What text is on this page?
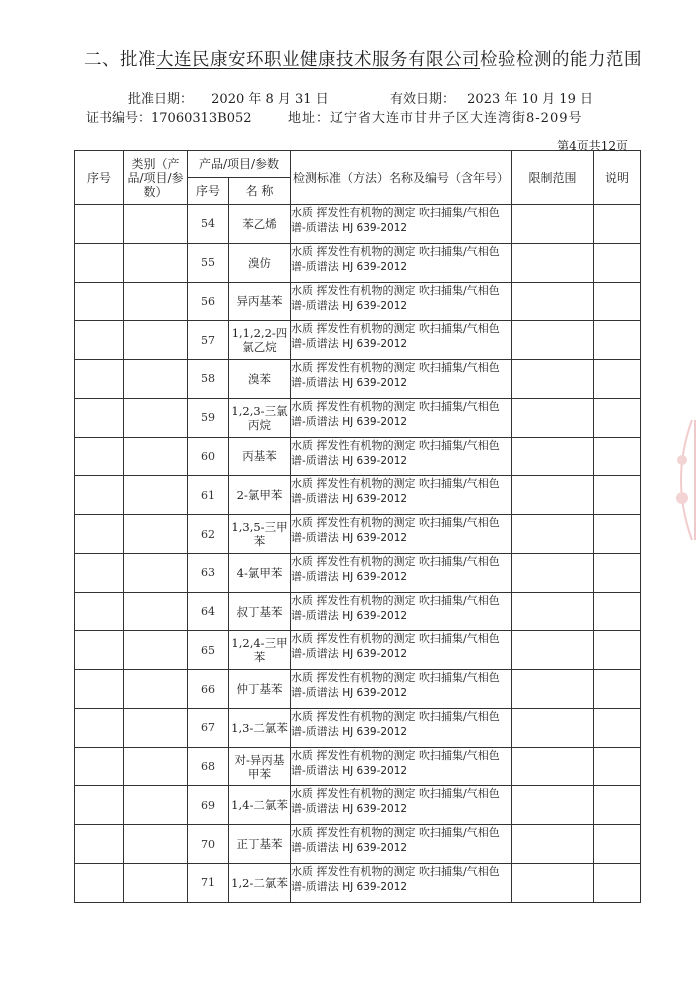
二、批准大连民康安环职业健康技术服务有限公司检验检测的能力范围
批准日期： 2020 年 8 月 31 日	有效日期： 2023 年 10 月 19 日
证书编号：17060313B052	地址：辽宁省大连市甘井子区大连湾街8-209号
第4页共12页
序号	类别（产品/项目/参数）	产品/项目/参数		检测标准（方法）名称及编号（含年号）	限制范围	说明
		序号	名 称			
		54	苯乙烯	水质 挥发性有机物的测定 吹扫捕集/气相色谱-质谱法 HJ 639-2012		
		55	溴仿	水质 挥发性有机物的测定 吹扫捕集/气相色谱-质谱法 HJ 639-2012		
		56	异丙基苯	水质 挥发性有机物的测定 吹扫捕集/气相色谱-质谱法 HJ 639-2012		
		57	1,1,2,2-四氯乙烷	水质 挥发性有机物的测定 吹扫捕集/气相色谱-质谱法 HJ 639-2012		
		58	溴苯	水质 挥发性有机物的测定 吹扫捕集/气相色谱-质谱法 HJ 639-2012		
		59	1,2,3-三氯丙烷	水质 挥发性有机物的测定 吹扫捕集/气相色谱-质谱法 HJ 639-2012		
		60	丙基苯	水质 挥发性有机物的测定 吹扫捕集/气相色谱-质谱法 HJ 639-2012		
		61	2-氯甲苯	水质 挥发性有机物的测定 吹扫捕集/气相色谱-质谱法 HJ 639-2012		
		62	1,3,5-三甲苯	水质 挥发性有机物的测定 吹扫捕集/气相色谱-质谱法 HJ 639-2012		
		63	4-氯甲苯	水质 挥发性有机物的测定 吹扫捕集/气相色谱-质谱法 HJ 639-2012		
		64	叔丁基苯	水质 挥发性有机物的测定 吹扫捕集/气相色谱-质谱法 HJ 639-2012		
		65	1,2,4-三甲苯	水质 挥发性有机物的测定 吹扫捕集/气相色谱-质谱法 HJ 639-2012		
		66	仲丁基苯	水质 挥发性有机物的测定 吹扫捕集/气相色谱-质谱法 HJ 639-2012		
		67	1,3-二氯苯	水质 挥发性有机物的测定 吹扫捕集/气相色谱-质谱法 HJ 639-2012		
		68	对-异丙基甲苯	水质 挥发性有机物的测定 吹扫捕集/气相色谱-质谱法 HJ 639-2012		
		69	1,4-二氯苯	水质 挥发性有机物的测定 吹扫捕集/气相色谱-质谱法 HJ 639-2012		
		70	正丁基苯	水质 挥发性有机物的测定 吹扫捕集/气相色谱-质谱法 HJ 639-2012		
		71	1,2-二氯苯	水质 挥发性有机物的测定 吹扫捕集/气相色谱-质谱法 HJ 639-2012		
